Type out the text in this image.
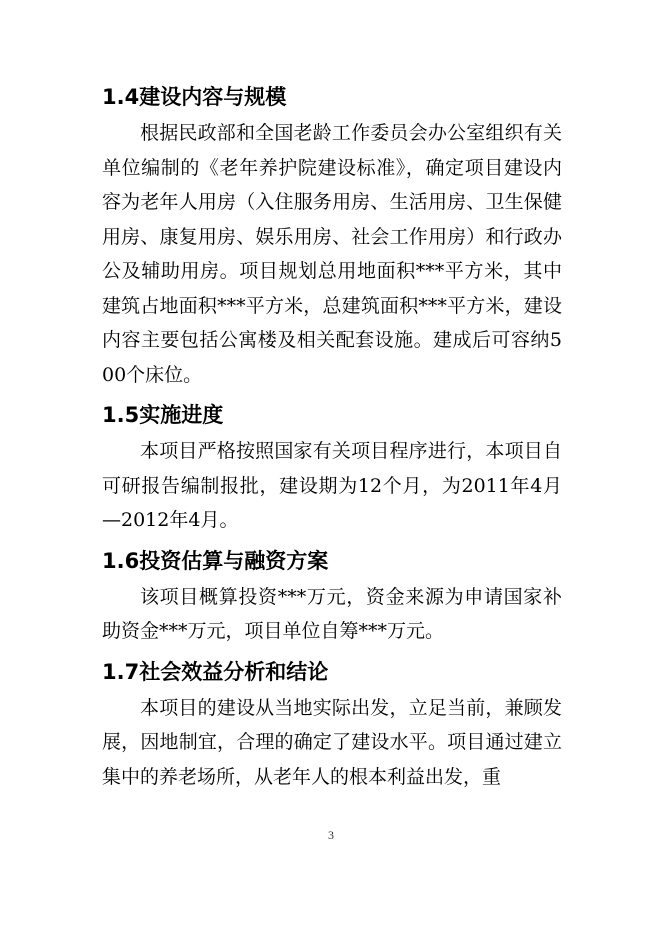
1.4建设内容与规模

根据民政部和全国老龄工作委员会办公室组织有关单位编制的《老年养护院建设标准》，确定项目建设内容为老年人用房（入住服务用房、生活用房、卫生保健用房、康复用房、娱乐用房、社会工作用房）和行政办公及辅助用房。项目规划总用地面积***平方米，其中建筑占地面积***平方米，总建筑面积***平方米，建设内容主要包括公寓楼及相关配套设施。建成后可容纳500个床位。

1.5实施进度

本项目严格按照国家有关项目程序进行，本项目自可研报告编制报批，建设期为12个月，为2011年4月—2012年4月。

1.6投资估算与融资方案

该项目概算投资***万元，资金来源为申请国家补助资金***万元，项目单位自筹***万元。

1.7社会效益分析和结论

本项目的建设从当地实际出发，立足当前，兼顾发展，因地制宜，合理的确定了建设水平。项目通过建立集中的养老场所，从老年人的根本利益出发，重

3
